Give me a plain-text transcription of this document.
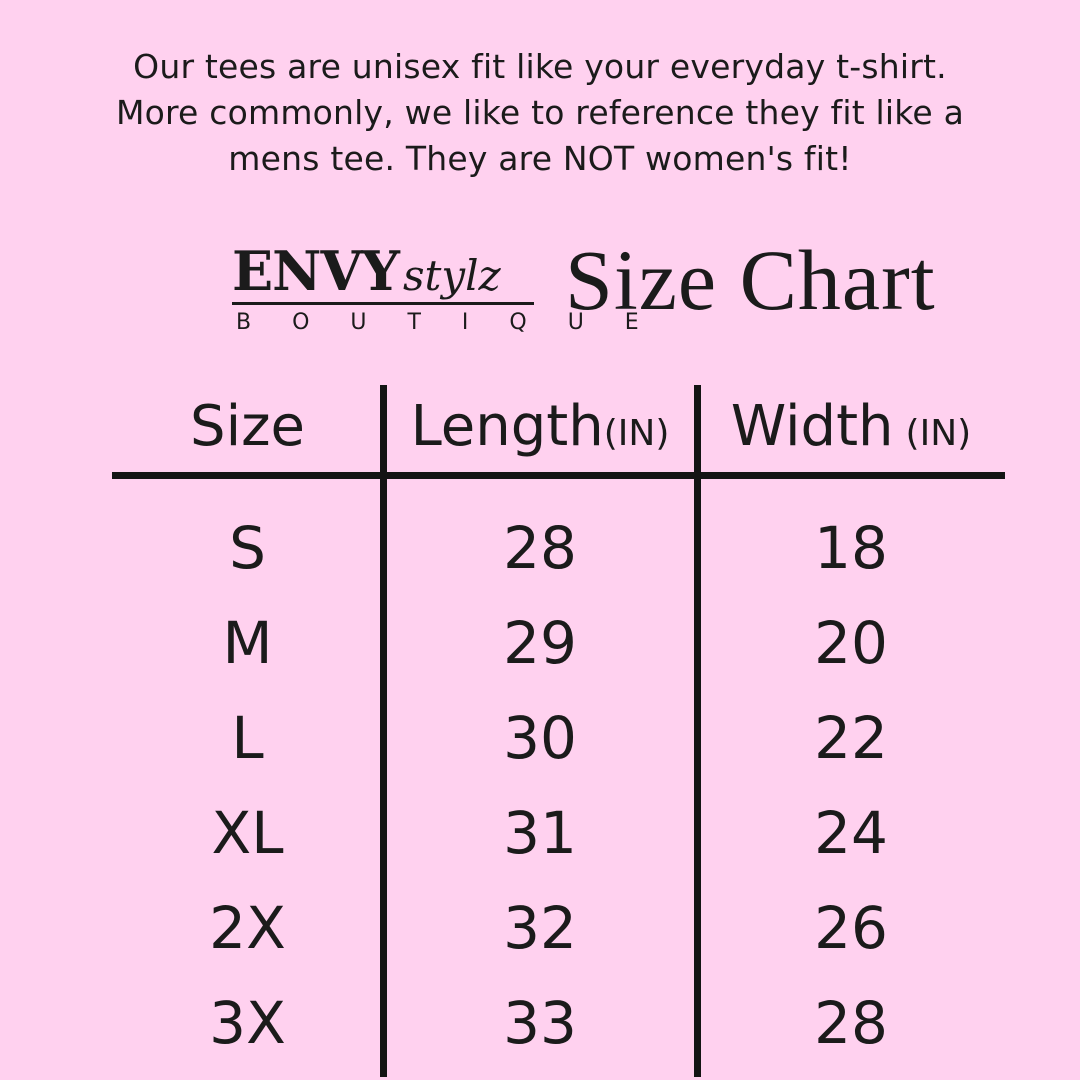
Our tees are unisex fit like your everyday t-shirt.
More commonly, we like to reference they fit like a
mens tee. They are NOT women's fit!
ENVYstylz
B O U T I Q U E
Size Chart
Size	Length(IN)	Width (IN)
S	28	18
M	29	20
L	30	22
XL	31	24
2X	32	26
3X	33	28
